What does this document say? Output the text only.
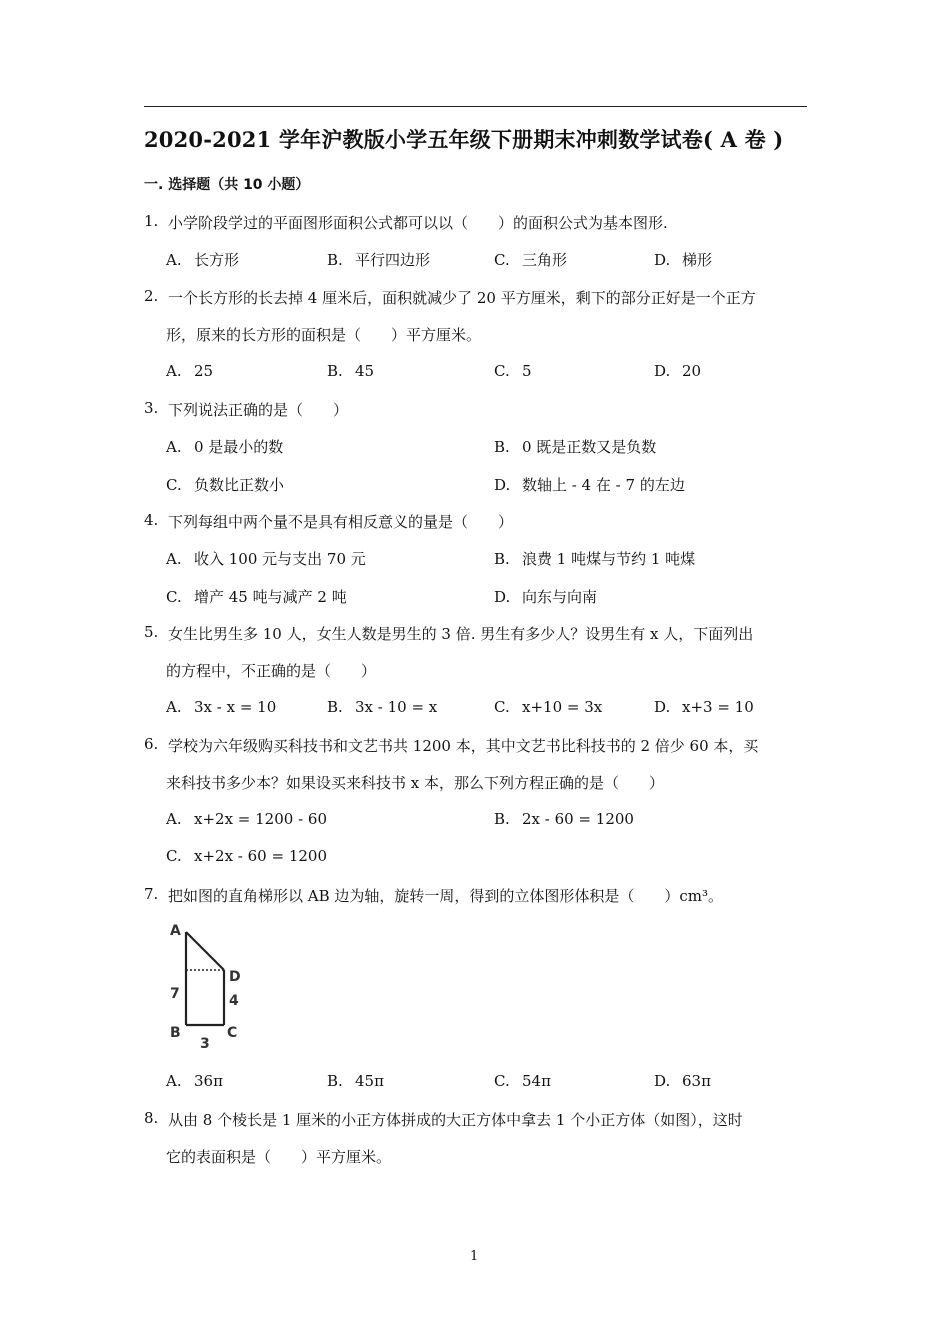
2020-2021 学年沪教版小学五年级下册期末冲刺数学试卷( A 卷 )
一. 选择题（共 10 小题）
1. 小学阶段学过的平面图形面积公式都可以以（　　）的面积公式为基本图形.
A. 长方形	B. 平行四边形	C. 三角形	D. 梯形
2. 一个长方形的长去掉 4 厘米后，面积就减少了 20 平方厘米，剩下的部分正好是一个正方
形，原来的长方形的面积是（　　）平方厘米。
A. 25	B. 45	C. 5	D. 20
3. 下列说法正确的是（　　）
A. 0 是最小的数	B. 0 既是正数又是负数
C. 负数比正数小	D. 数轴上 - 4 在 - 7 的左边
4. 下列每组中两个量不是具有相反意义的量是（　　）
A. 收入 100 元与支出 70 元	B. 浪费 1 吨煤与节约 1 吨煤
C. 增产 45 吨与减产 2 吨	D. 向东与向南
5. 女生比男生多 10 人，女生人数是男生的 3 倍. 男生有多少人？设男生有 x 人，下面列出
的方程中，不正确的是（　　）
A. 3x - x = 10	B. 3x - 10 = x	C. x+10 = 3x	D. x+3 = 10
6. 学校为六年级购买科技书和文艺书共 1200 本，其中文艺书比科技书的 2 倍少 60 本，买
来科技书多少本？如果设买来科技书 x 本，那么下列方程正确的是（　　）
A. x+2x = 1200 - 60	B. 2x - 60 = 1200
C. x+2x - 60 = 1200
7. 把如图的直角梯形以 AB 边为轴，旋转一周，得到的立体图形体积是（　　）cm³。
A
D
7	4
B	C
3
A. 36π	B. 45π	C. 54π	D. 63π
8. 从由 8 个棱长是 1 厘米的小正方体拼成的大正方体中拿去 1 个小正方体（如图），这时
它的表面积是（　　）平方厘米。
1
